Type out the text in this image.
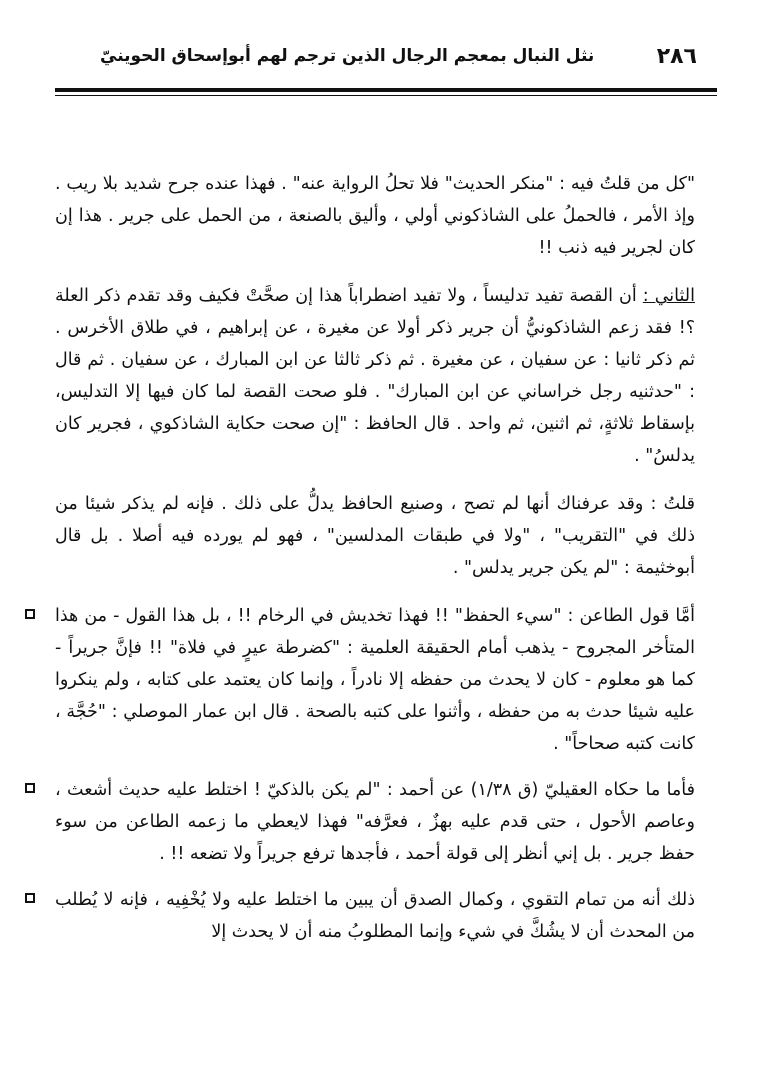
٢٨٦
نثل النبال بمعجم الرجال الذين ترجم لهم أبوإسحاق الحوينيّ

"كل من قلتُ فيه : "منكر الحديث" فلا تحلُ الرواية عنه" . فهذا عنده جرح شديد بلا ريب . وإذ الأمر ، فالحملُ على الشاذكوني أولي ، وأليق بالصنعة ، من الحمل على جرير . هذا إن كان لجرير فيه ذنب !!

الثاني : أن القصة تفيد تدليساً ، ولا تفيد اضطراباً هذا إن صحَّتْ فكيف وقد تقدم ذكر العلة ؟! فقد زعم الشاذكونيُّ أن جرير ذكر أولا عن مغيرة ، عن إبراهيم ، في طلاق الأخرس . ثم ذكر ثانيا : عن سفيان ، عن مغيرة . ثم ذكر ثالثا عن ابن المبارك ، عن سفيان . ثم قال : "حدثنيه رجل خراساني عن ابن المبارك" . فلو صحت القصة لما كان فيها إلا التدليس، بإسقاط ثلاثةٍ، ثم اثنين، ثم واحد . قال الحافظ : "إن صحت حكاية الشاذكوي ، فجرير كان يدلسُ" .

قلتُ : وقد عرفناك أنها لم تصح ، وصنيع الحافظ يدلُّ على ذلك . فإنه لم يذكر شيئا من ذلك في "التقريب" ، "ولا في طبقات المدلسين" ، فهو لم يورده فيه أصلا . بل قال أبوخثيمة : "لم يكن جرير يدلس" .

أمَّا قول الطاعن : "سيء الحفظ" !! فهذا تخديش في الرخام !! ، بل هذا القول - من هذا المتأخر المجروح - يذهب أمام الحقيقة العلمية : "كضرطة عيرٍ في فلاة" !! فإنَّ جريراً - كما هو معلوم - كان لا يحدث من حفظه إلا نادراً ، وإنما كان يعتمد على كتابه ، ولم ينكروا عليه شيئا حدث به من حفظه ، وأثنوا على كتبه بالصحة . قال ابن عمار الموصلي : "حُجَّة ، كانت كتبه صحاحاً" .
فأما ما حكاه العقيليّ (ق ١/٣٨) عن أحمد : "لم يكن بالذكيّ ! اختلط عليه حديث أشعث ، وعاصم الأحول ، حتى قدم عليه بهزٌ ، فعرَّفه" فهذا لايعطي ما زعمه الطاعن من سوء حفظ جرير . بل إني أنظر إلى قولة أحمد ، فأجدها ترفع جريراً ولا تضعه !! .
ذلك أنه من تمام التقوي ، وكمال الصدق أن يبين ما اختلط عليه ولا يُخْفِيه ، فإنه لا يُطلب من المحدث أن لا يشُكَّ في شيء وإنما المطلوبُ منه أن لا يحدث إلا
